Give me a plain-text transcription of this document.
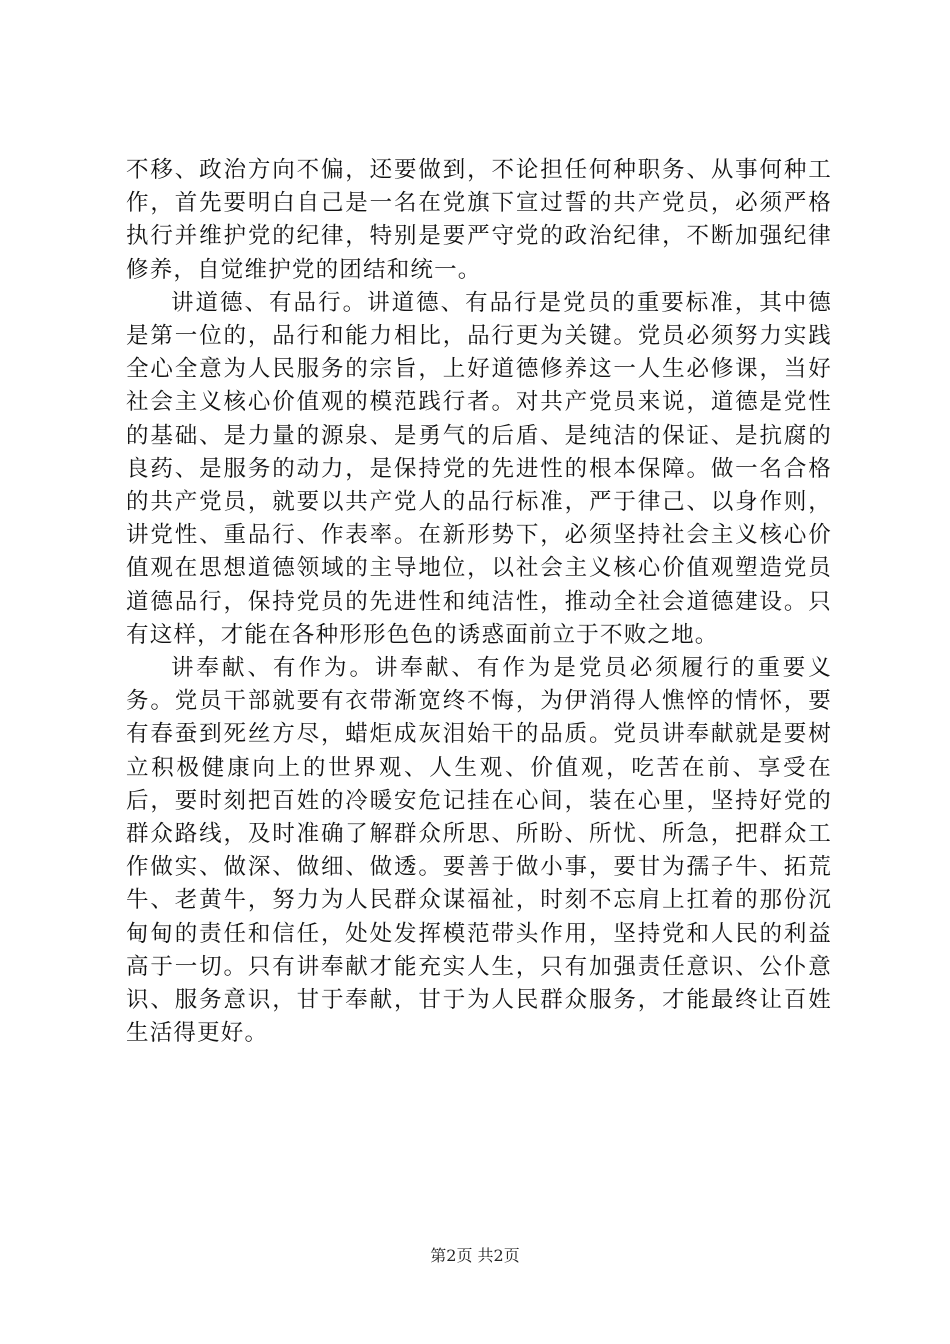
不移、政治方向不偏，还要做到，不论担任何种职务、从事何种工作，首先要明白自己是一名在党旗下宣过誓的共产党员，必须严格执行并维护党的纪律，特别是要严守党的政治纪律，不断加强纪律修养，自觉维护党的团结和统一。

讲道德、有品行。讲道德、有品行是党员的重要标准，其中德是第一位的，品行和能力相比，品行更为关键。党员必须努力实践全心全意为人民服务的宗旨，上好道德修养这一人生必修课，当好社会主义核心价值观的模范践行者。对共产党员来说，道德是党性的基础、是力量的源泉、是勇气的后盾、是纯洁的保证、是抗腐的良药、是服务的动力，是保持党的先进性的根本保障。做一名合格的共产党员，就要以共产党人的品行标准，严于律己、以身作则，讲党性、重品行、作表率。在新形势下，必须坚持社会主义核心价值观在思想道德领域的主导地位，以社会主义核心价值观塑造党员道德品行，保持党员的先进性和纯洁性，推动全社会道德建设。只有这样，才能在各种形形色色的诱惑面前立于不败之地。

讲奉献、有作为。讲奉献、有作为是党员必须履行的重要义务。党员干部就要有衣带渐宽终不悔，为伊消得人憔悴的情怀，要有春蚕到死丝方尽，蜡炬成灰泪始干的品质。党员讲奉献就是要树立积极健康向上的世界观、人生观、价值观，吃苦在前、享受在后，要时刻把百姓的冷暖安危记挂在心间，装在心里，坚持好党的群众路线，及时准确了解群众所思、所盼、所忧、所急，把群众工作做实、做深、做细、做透。要善于做小事，要甘为孺子牛、拓荒牛、老黄牛，努力为人民群众谋福祉，时刻不忘肩上扛着的那份沉甸甸的责任和信任，处处发挥模范带头作用，坚持党和人民的利益高于一切。只有讲奉献才能充实人生，只有加强责任意识、公仆意识、服务意识，甘于奉献，甘于为人民群众服务，才能最终让百姓生活得更好。

第2页 共2页
